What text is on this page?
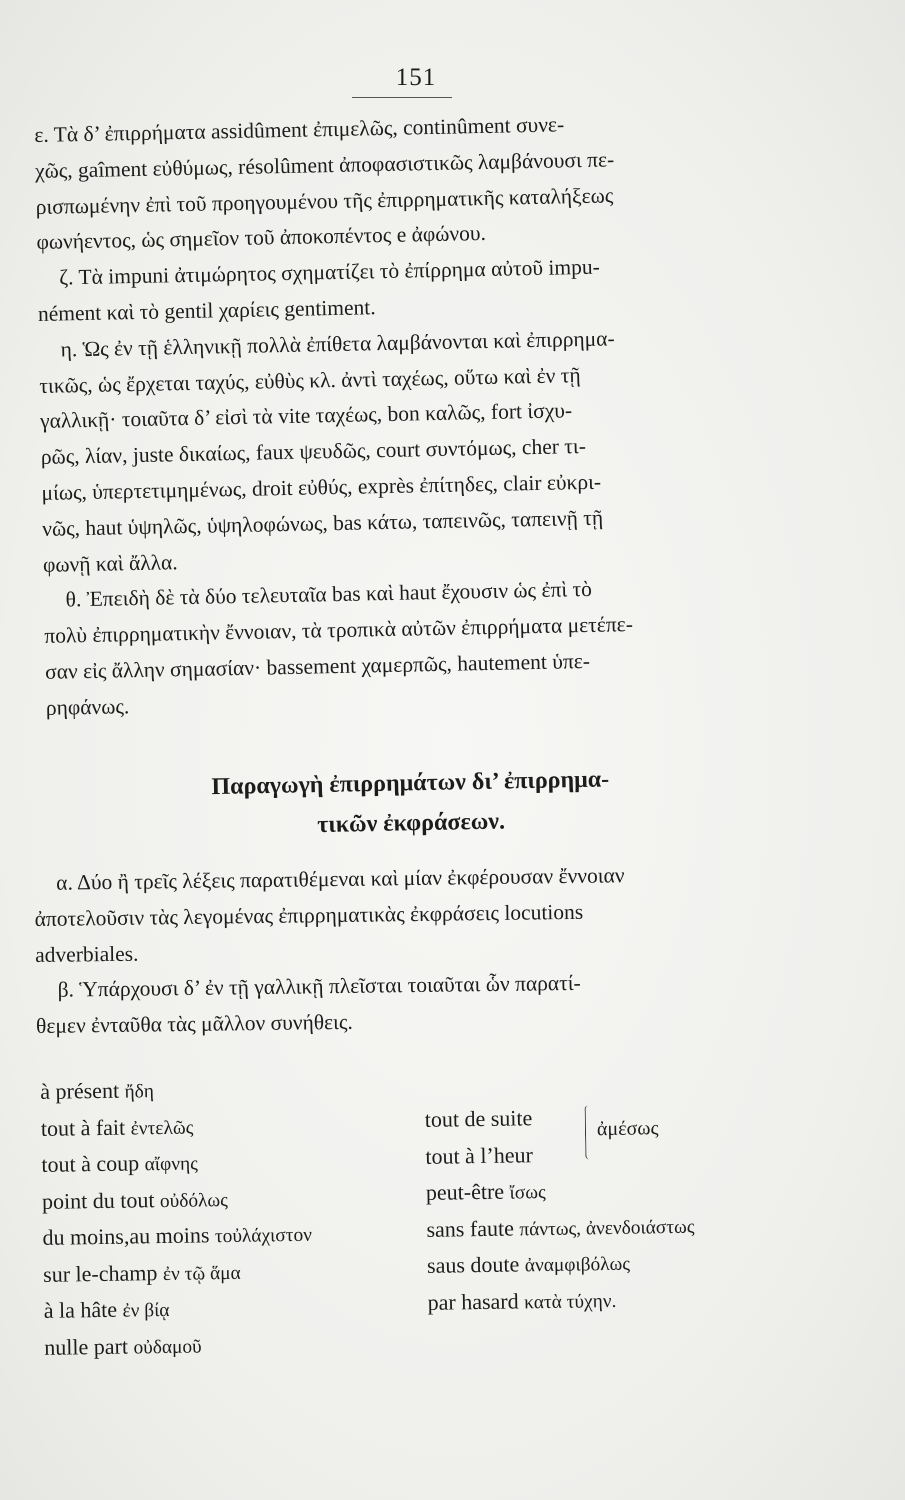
151
ε. Τὰ δ’ ἐπιρρήματα assidûment ἐπιμελῶς, continûment συνε-
χῶς, gaîment εὐθύμως, résolûment ἀποφασιστικῶς λαμβάνουσι πε-
ρισπωμένην ἐπὶ τοῦ προηγουμένου τῆς ἐπιρρηματικῆς καταλήξεως
φωνήεντος, ὡς σημεῖον τοῦ ἀποκοπέντος e ἀφώνου.
ζ. Τὰ impuni ἀτιμώρητος σχηματίζει τὸ ἐπίρρημα αὐτοῦ impu-
nément καὶ τὸ gentil χαρίεις gentiment.
η. Ὡς ἐν τῇ ἑλληνικῇ πολλὰ ἐπίθετα λαμβάνονται καὶ ἐπιρρημα-
τικῶς, ὡς ἔρχεται ταχύς, εὐθὺς κλ. ἀντὶ ταχέως, οὕτω καὶ ἐν τῇ
γαλλικῇ· τοιαῦτα δ’ εἰσὶ τὰ vite ταχέως, bon καλῶς, fort ἰσχυ-
ρῶς, λίαν, juste δικαίως, faux ψευδῶς, court συντόμως, cher τι-
μίως, ὑπερτετιμημένως, droit εὐθύς, exprès ἐπίτηδες, clair εὐκρι-
νῶς, haut ὑψηλῶς, ὑψηλοφώνως, bas κάτω, ταπεινῶς, ταπεινῇ τῇ
φωνῇ καὶ ἄλλα.
θ. Ἐπειδὴ δὲ τὰ δύο τελευταῖα bas καὶ haut ἔχουσιν ὡς ἐπὶ τὸ
πολὺ ἐπιρρηματικὴν ἔννοιαν, τὰ τροπικὰ αὐτῶν ἐπιρρήματα μετέπε-
σαν εἰς ἄλλην σημασίαν· bassement χαμερπῶς, hautement ὑπε-
ρηφάνως.
Παραγωγὴ ἐπιρρημάτων δι’ ἐπιρρημα-
τικῶν ἐκφράσεων.
α. Δύο ἢ τρεῖς λέξεις παρατιθέμεναι καὶ μίαν ἐκφέρουσαν ἔννοιαν
ἀποτελοῦσιν τὰς λεγομένας ἐπιρρηματικὰς ἐκφράσεις locutions
adverbiales.
β. Ὑπάρχουσι δ’ ἐν τῇ γαλλικῇ πλεῖσται τοιαῦται ὧν παρατί-
θεμεν ἐνταῦθα τὰς μᾶλλον συνήθεις.
à présent ἤδη
tout à fait ἐντελῶς
tout à coup αἴφνης
point du tout οὐδόλως
du moins,au moins τοὐλάχιστον
sur le-champ ἐν τῷ ἅμα
à la hâte ἐν βίᾳ
nulle part οὐδαμοῦ
tout de suite
tout à l’heur
peut-être ἴσως
sans faute πάντως, ἀνενδοιάστως
saus doute ἀναμφιβόλως
par hasard κατὰ τύχην.
ἀμέσως
